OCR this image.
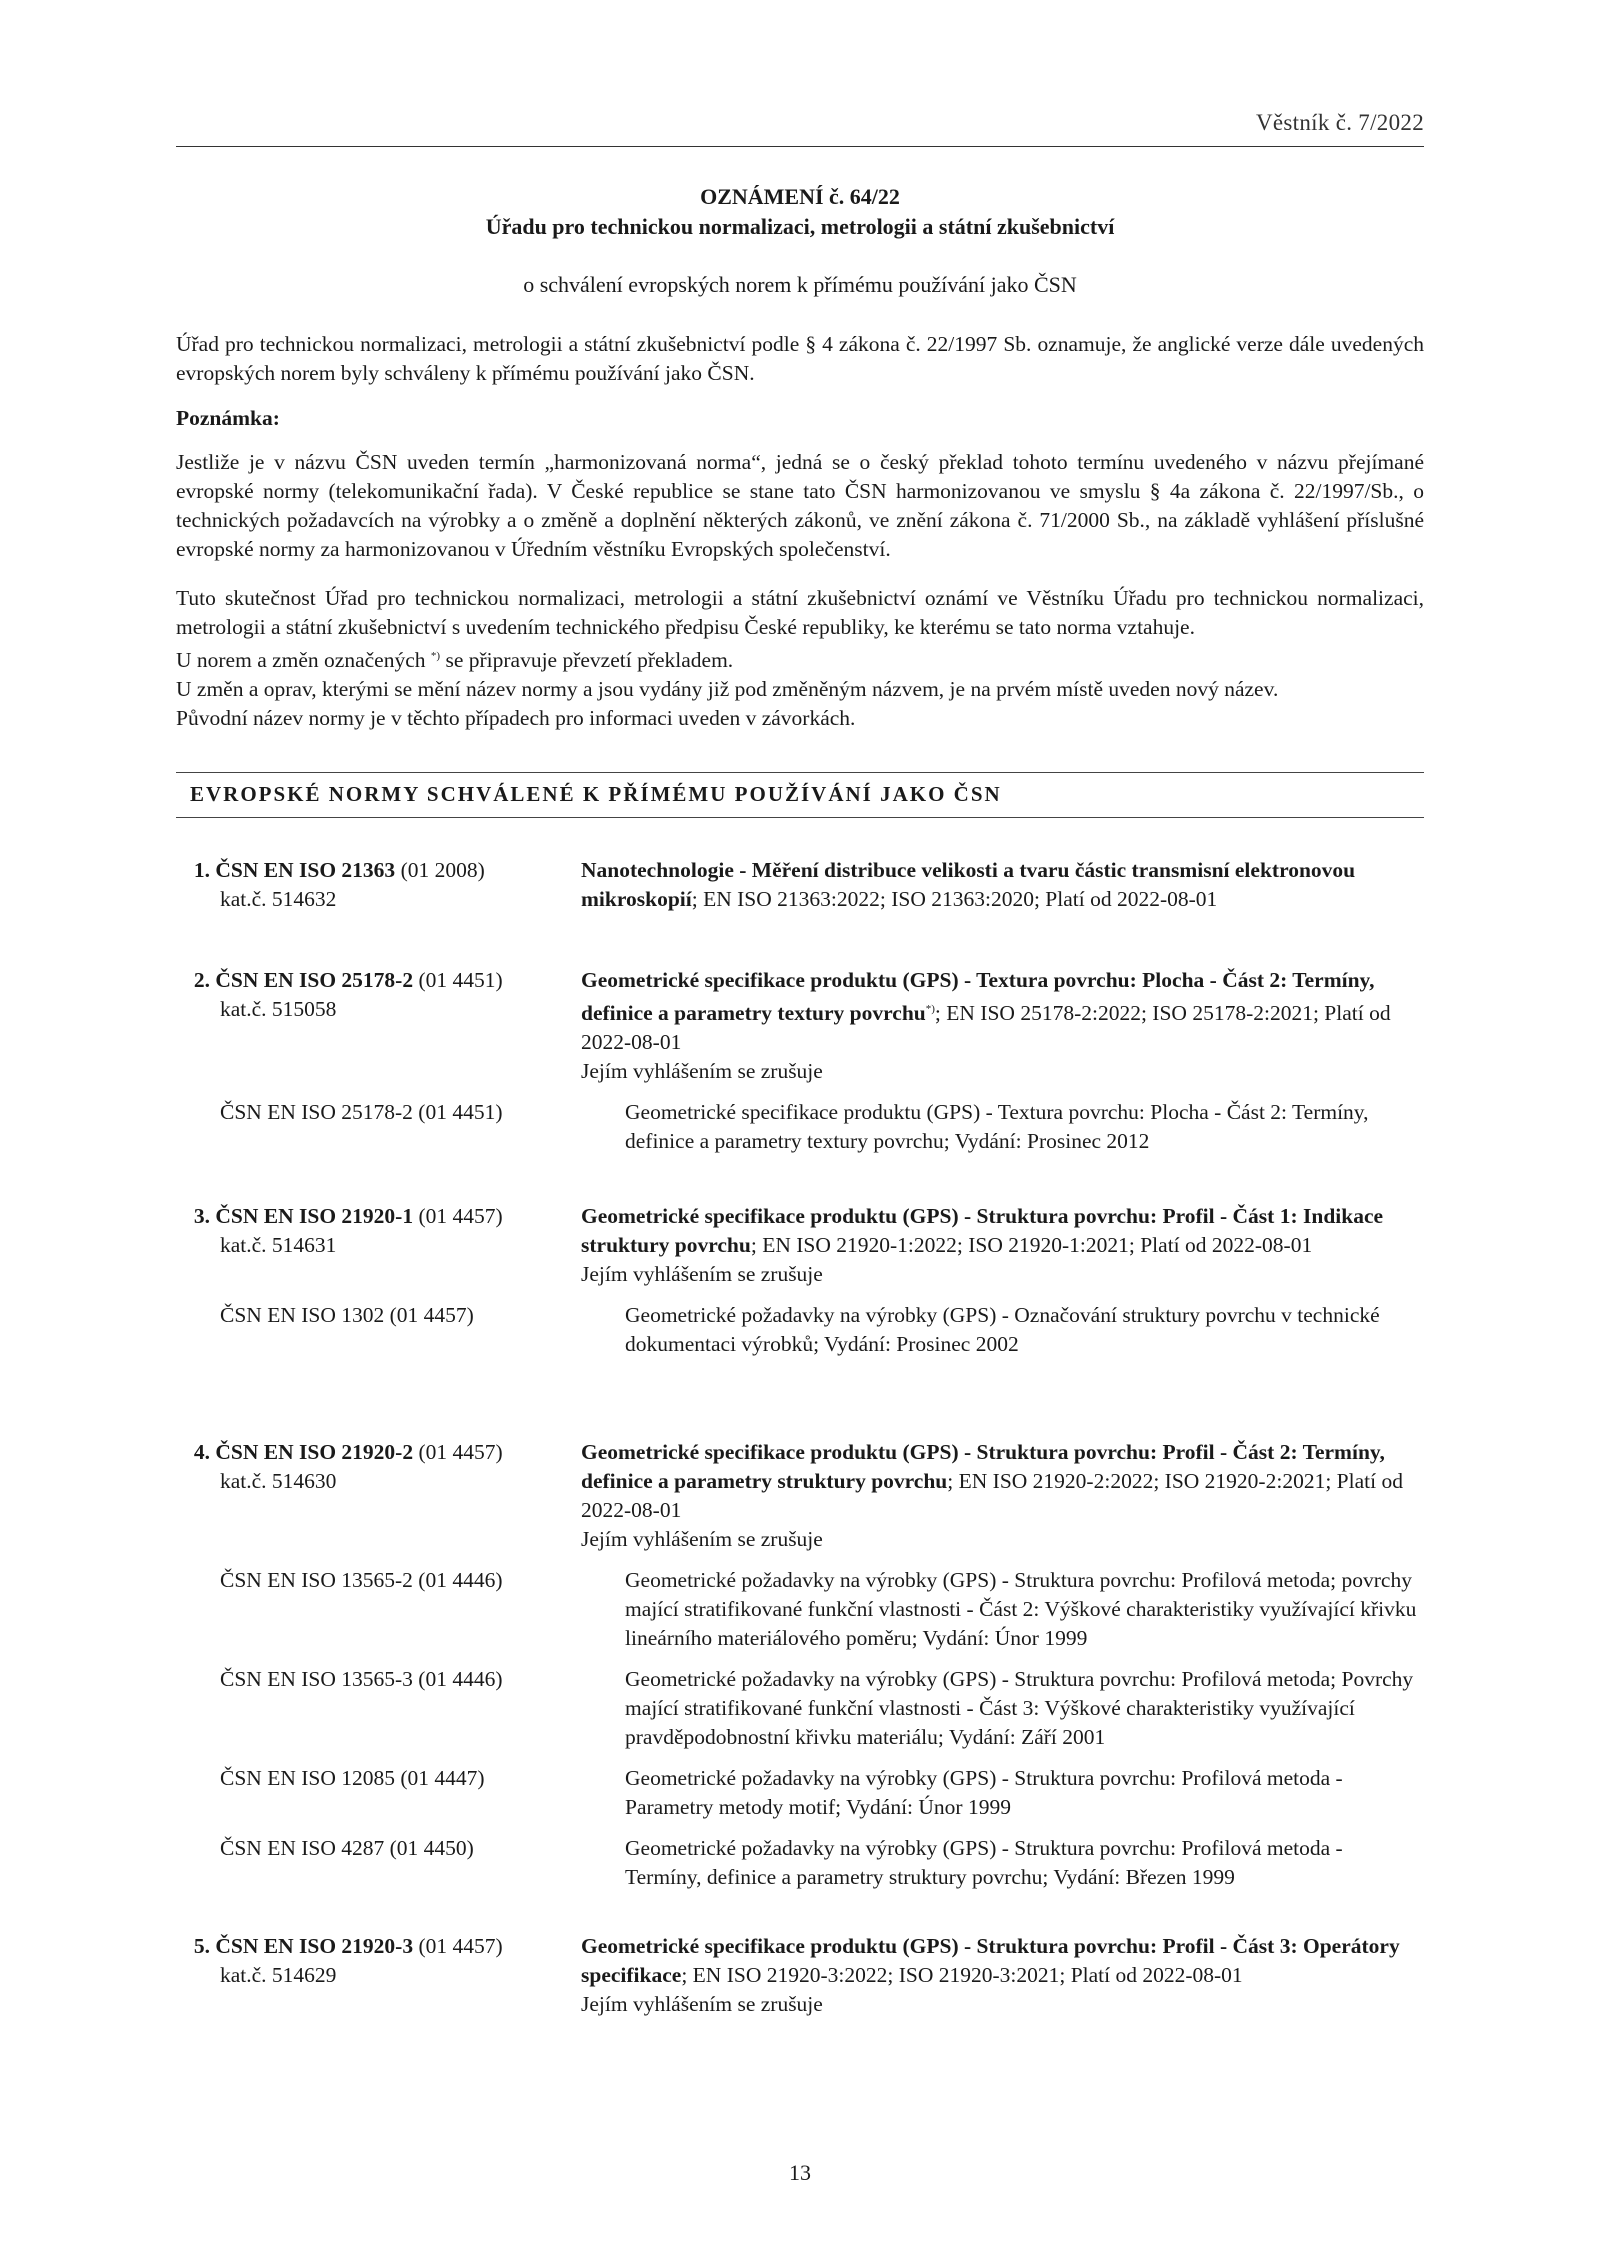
Věstník č. 7/2022
OZNÁMENÍ č. 64/22
Úřadu pro technickou normalizaci, metrologii a státní zkušebnictví
o schválení evropských norem k přímému používání jako ČSN

Úřad pro technickou normalizaci, metrologii a státní zkušebnictví podle § 4 zákona č. 22/1997 Sb. oznamuje, že anglické verze dále uvedených evropských norem byly schváleny k přímému používání jako ČSN.

Poznámka:

Jestliže je v názvu ČSN uveden termín „harmonizovaná norma“, jedná se o český překlad tohoto termínu uvedeného v názvu přejímané evropské normy (telekomunikační řada). V České republice se stane tato ČSN harmonizovanou ve smyslu § 4a zákona č. 22/1997/Sb., o technických požadavcích na výrobky a o změně a doplnění některých zákonů, ve znění zákona č. 71/2000 Sb., na základě vyhlášení příslušné evropské normy za harmonizovanou v Úředním věstníku Evropských společenství.

Tuto skutečnost Úřad pro technickou normalizaci, metrologii a státní zkušebnictví oznámí ve Věstníku Úřadu pro technickou normalizaci, metrologii a státní zkušebnictví s uvedením technického předpisu České republiky, ke kterému se tato norma vztahuje.

U norem a změn označených *) se připravuje převzetí překladem.

U změn a oprav, kterými se mění název normy a jsou vydány již pod změněným názvem, je na prvém místě uveden nový název.

Původní název normy je v těchto případech pro informaci uveden v závorkách.

EVROPSKÉ NORMY SCHVÁLENÉ K PŘÍMÉMU POUŽÍVÁNÍ JAKO ČSN
1. ČSN EN ISO 21363 (01 2008)
kat.č. 514632
Nanotechnologie - Měření distribuce velikosti a tvaru částic transmisní elektronovou mikroskopií; EN ISO 21363:2022; ISO 21363:2020; Platí od 2022-08-01
2. ČSN EN ISO 25178-2 (01 4451)
kat.č. 515058
Geometrické specifikace produktu (GPS) - Textura povrchu: Plocha - Část 2: Termíny, definice a parametry textury povrchu*); EN ISO 25178-2:2022; ISO 25178-2:2021; Platí od 2022-08-01
Jejím vyhlášením se zrušuje
ČSN EN ISO 25178-2 (01 4451)	Geometrické specifikace produktu (GPS) - Textura povrchu: Plocha - Část 2: Termíny, definice a parametry textury povrchu; Vydání: Prosinec 2012
3. ČSN EN ISO 21920-1 (01 4457)
kat.č. 514631
Geometrické specifikace produktu (GPS) - Struktura povrchu: Profil - Část 1: Indikace struktury povrchu; EN ISO 21920-1:2022; ISO 21920-1:2021; Platí od 2022-08-01
Jejím vyhlášením se zrušuje
ČSN EN ISO 1302 (01 4457)	Geometrické požadavky na výrobky (GPS) - Označování struktury povrchu v technické dokumentaci výrobků; Vydání: Prosinec 2002
4. ČSN EN ISO 21920-2 (01 4457)
kat.č. 514630
Geometrické specifikace produktu (GPS) - Struktura povrchu: Profil - Část 2: Termíny, definice a parametry struktury povrchu; EN ISO 21920-2:2022; ISO 21920-2:2021; Platí od 2022-08-01
Jejím vyhlášením se zrušuje
ČSN EN ISO 13565-2 (01 4446)	Geometrické požadavky na výrobky (GPS) - Struktura povrchu: Profilová metoda; povrchy mající stratifikované funkční vlastnosti - Část 2: Výškové charakteristiky využívající křivku lineárního materiálového poměru; Vydání: Únor 1999
ČSN EN ISO 13565-3 (01 4446)	Geometrické požadavky na výrobky (GPS) - Struktura povrchu: Profilová metoda; Povrchy mající stratifikované funkční vlastnosti - Část 3: Výškové charakteristiky využívající pravděpodobnostní křivku materiálu; Vydání: Září 2001
ČSN EN ISO 12085 (01 4447)	Geometrické požadavky na výrobky (GPS) - Struktura povrchu: Profilová metoda - Parametry metody motif; Vydání: Únor 1999
ČSN EN ISO 4287 (01 4450)	Geometrické požadavky na výrobky (GPS) - Struktura povrchu: Profilová metoda - Termíny, definice a parametry struktury povrchu; Vydání: Březen 1999
5. ČSN EN ISO 21920-3 (01 4457)
kat.č. 514629
Geometrické specifikace produktu (GPS) - Struktura povrchu: Profil - Část 3: Operátory specifikace; EN ISO 21920-3:2022; ISO 21920-3:2021; Platí od 2022-08-01
Jejím vyhlášením se zrušuje
13
